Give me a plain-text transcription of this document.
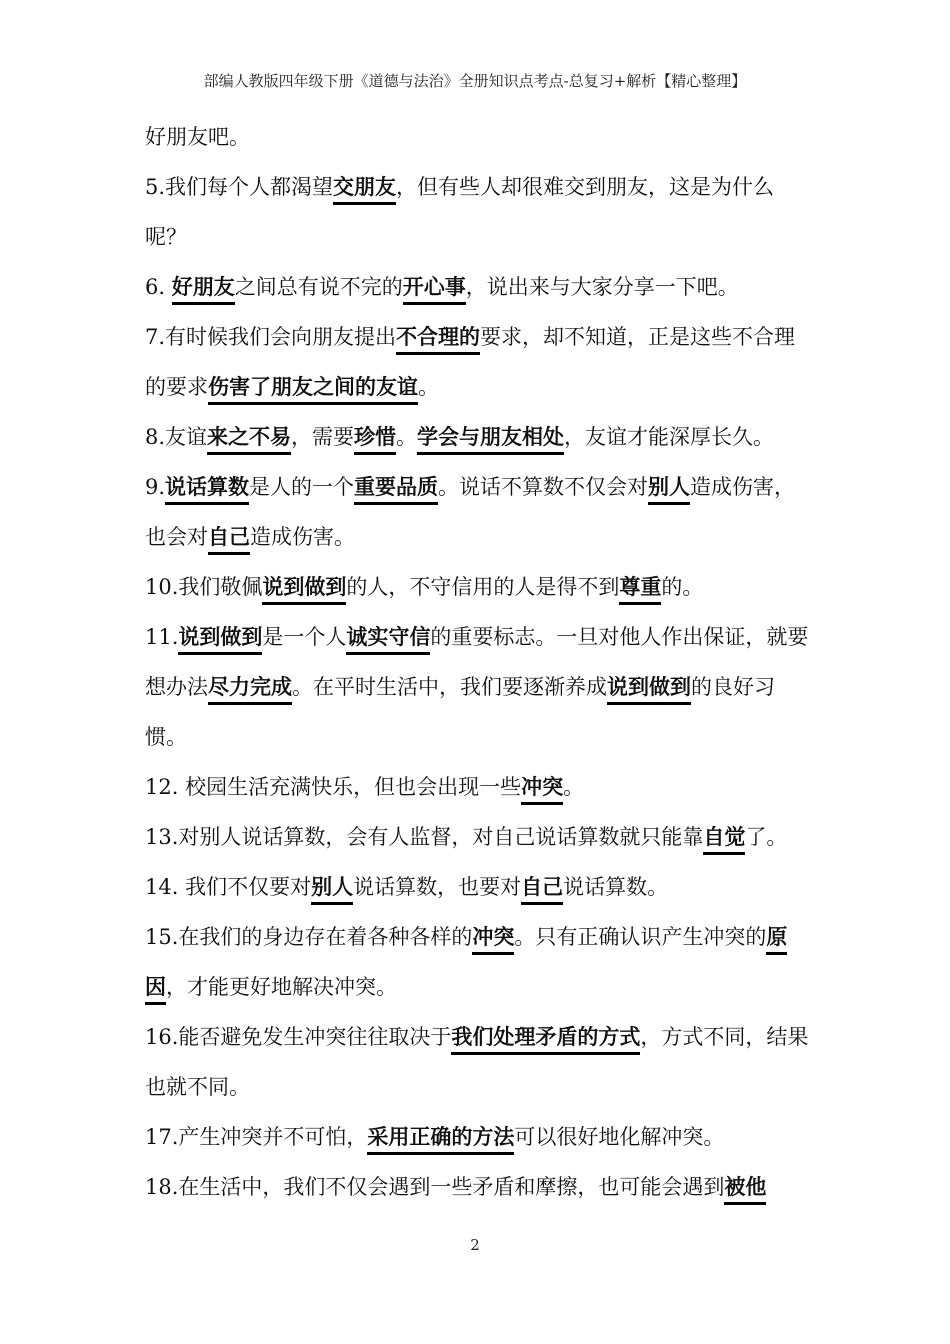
部编人教版四年级下册《道德与法治》全册知识点考点-总复习+解析【精心整理】

好朋友吧。

5.我们每个人都渴望交朋友，但有些人却很难交到朋友，这是为什么呢？

6. 好朋友之间总有说不完的开心事，说出来与大家分享一下吧。

7.有时候我们会向朋友提出不合理的要求，却不知道，正是这些不合理的要求伤害了朋友之间的友谊。

8.友谊来之不易，需要珍惜。学会与朋友相处，友谊才能深厚长久。

9.说话算数是人的一个重要品质。说话不算数不仅会对别人造成伤害，也会对自己造成伤害。

10.我们敬佩说到做到的人，不守信用的人是得不到尊重的。

11.说到做到是一个人诚实守信的重要标志。一旦对他人作出保证，就要想办法尽力完成。在平时生活中，我们要逐渐养成说到做到的良好习惯。

12. 校园生活充满快乐，但也会出现一些冲突。

13.对别人说话算数，会有人监督，对自己说话算数就只能靠自觉了。

14. 我们不仅要对别人说话算数，也要对自己说话算数。

15.在我们的身边存在着各种各样的冲突。只有正确认识产生冲突的原因，才能更好地解决冲突。

16.能否避免发生冲突往往取决于我们处理矛盾的方式，方式不同，结果也就不同。

17.产生冲突并不可怕，采用正确的方法可以很好地化解冲突。

18.在生活中，我们不仅会遇到一些矛盾和摩擦，也可能会遇到被他

2
